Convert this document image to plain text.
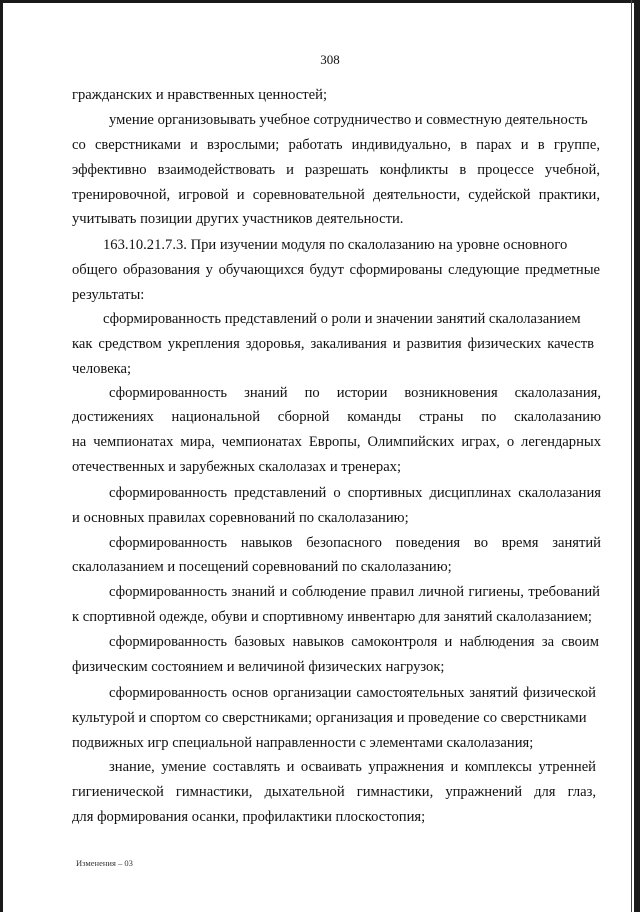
308
гражданских и нравственных ценностей;
умение организовывать учебное сотрудничество и совместную деятельность
со сверстниками и взрослыми; работать индивидуально, в парах и в группе,
эффективно взаимодействовать и разрешать конфликты в процессе учебной,
тренировочной, игровой и соревновательной деятельности, судейской практики,
учитывать позиции других участников деятельности.
163.10.21.7.3. При изучении модуля по скалолазанию на уровне основного
общего образования у обучающихся будут сформированы следующие предметные
результаты:
сформированность представлений о роли и значении занятий скалолазанием
как средством укрепления здоровья, закаливания и развития физических качеств
человека;
сформированность знаний по истории возникновения скалолазания,
достижениях национальной сборной команды страны по скалолазанию
на чемпионатах мира, чемпионатах Европы, Олимпийских играх, о легендарных
отечественных и зарубежных скалолазах и тренерах;
сформированность представлений о спортивных дисциплинах скалолазания
и основных правилах соревнований по скалолазанию;
сформированность навыков безопасного поведения во время занятий
скалолазанием и посещений соревнований по скалолазанию;
сформированность знаний и соблюдение правил личной гигиены, требований
к спортивной одежде, обуви и спортивному инвентарю для занятий скалолазанием;
сформированность базовых навыков самоконтроля и наблюдения за своим
физическим состоянием и величиной физических нагрузок;
сформированность основ организации самостоятельных занятий физической
культурой и спортом со сверстниками; организация и проведение со сверстниками
подвижных игр специальной направленности с элементами скалолазания;
знание, умение составлять и осваивать упражнения и комплексы утренней
гигиенической гимнастики, дыхательной гимнастики, упражнений для глаз,
для формирования осанки, профилактики плоскостопия;
Изменения – 03
